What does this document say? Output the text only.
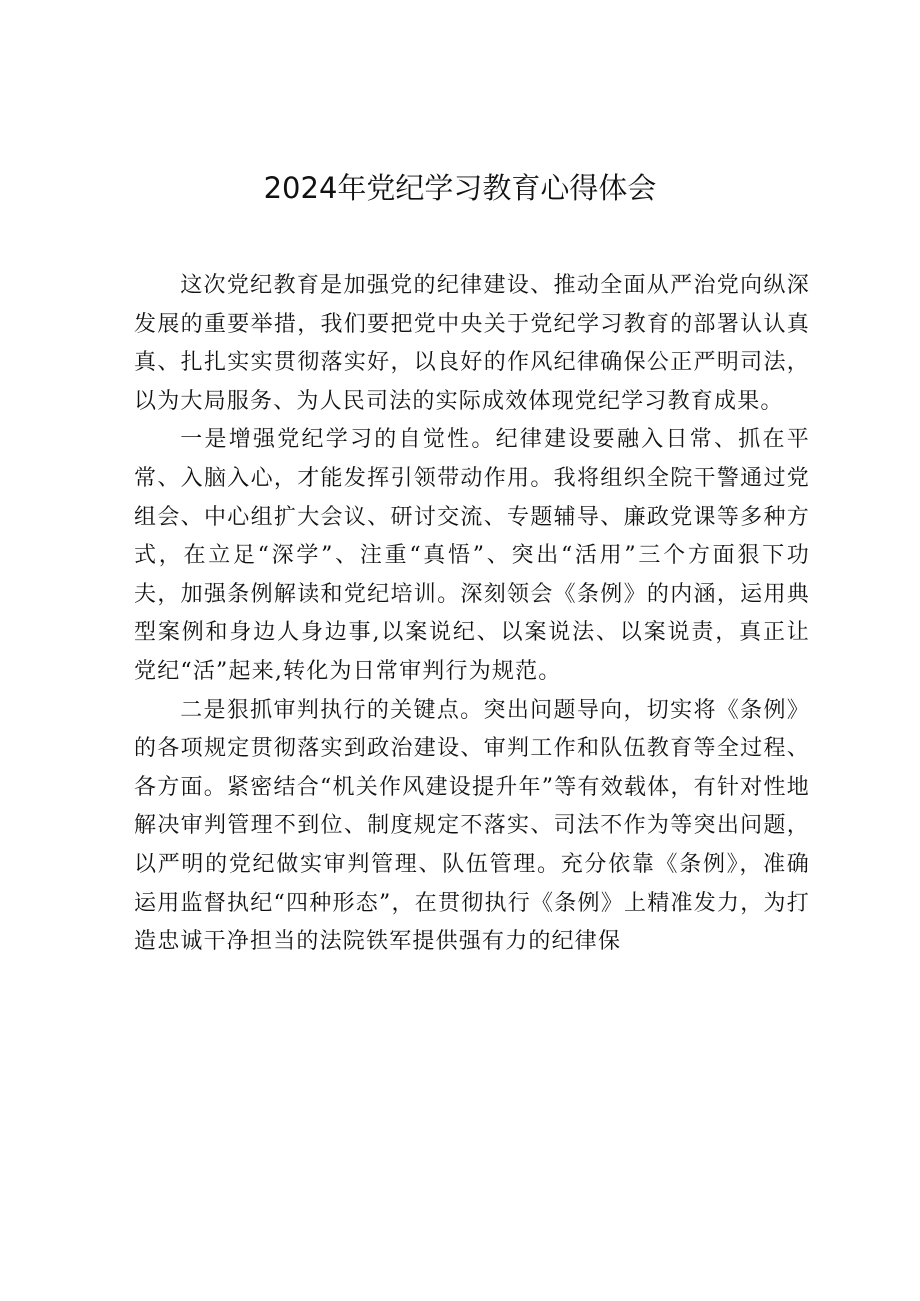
2024年党纪学习教育心得体会

这次党纪教育是加强党的纪律建设、推动全面从严治党向纵深发展的重要举措，我们要把党中央关于党纪学习教育的部署认认真真、扎扎实实贯彻落实好，以良好的作风纪律确保公正严明司法，以为大局服务、为人民司法的实际成效体现党纪学习教育成果。

一是增强党纪学习的自觉性。纪律建设要融入日常、抓在平常、入脑入心，才能发挥引领带动作用。我将组织全院干警通过党组会、中心组扩大会议、研讨交流、专题辅导、廉政党课等多种方式，在立足“深学”、注重“真悟”、突出“活用”三个方面狠下功夫，加强条例解读和党纪培训。深刻领会《条例》的内涵，运用典型案例和身边人身边事,以案说纪、以案说法、以案说责，真正让党纪“活”起来,转化为日常审判行为规范。

二是狠抓审判执行的关键点。突出问题导向，切实将《条例》的各项规定贯彻落实到政治建设、审判工作和队伍教育等全过程、各方面。紧密结合“机关作风建设提升年”等有效载体，有针对性地解决审判管理不到位、制度规定不落实、司法不作为等突出问题，以严明的党纪做实审判管理、队伍管理。充分依靠《条例》，准确运用监督执纪“四种形态”，在贯彻执行《条例》上精准发力，为打造忠诚干净担当的法院铁军提供强有力的纪律保
